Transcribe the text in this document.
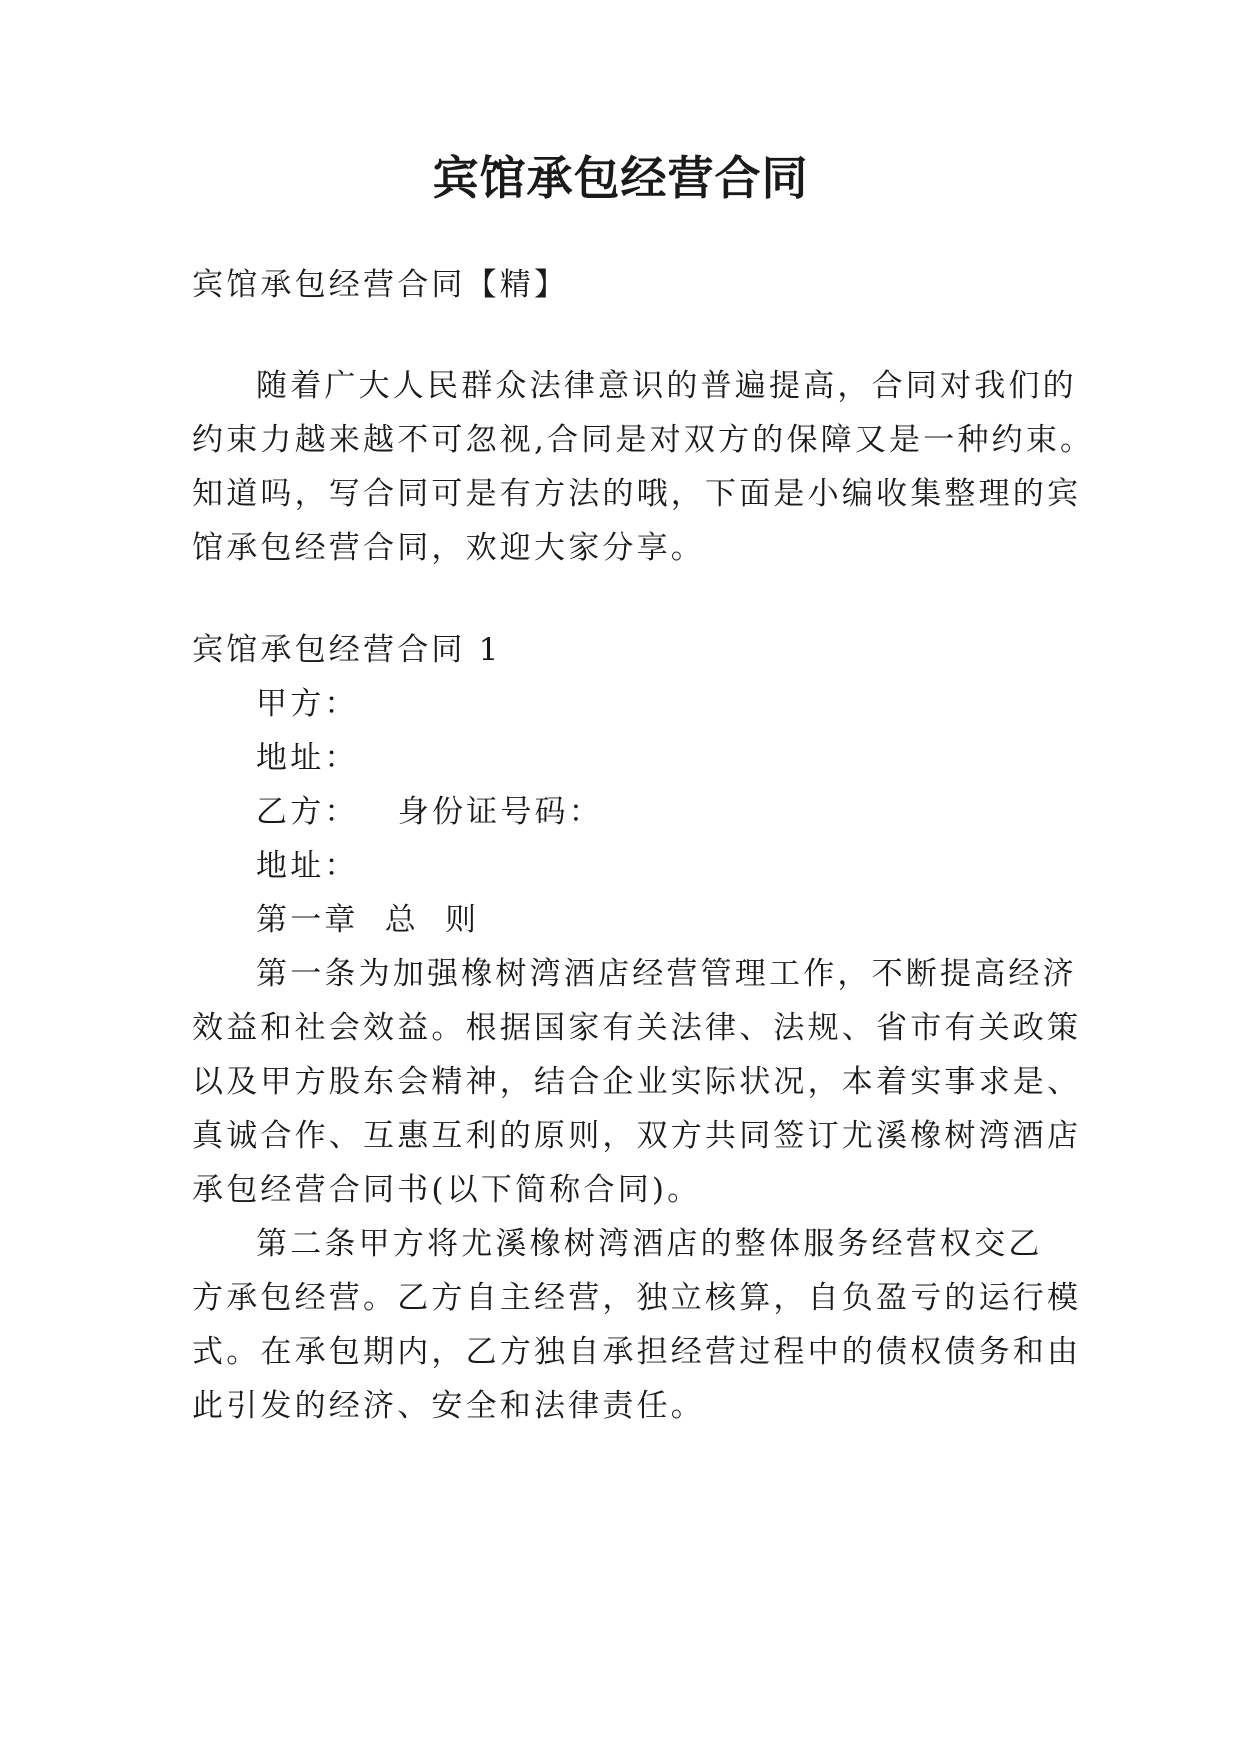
宾馆承包经营合同

宾馆承包经营合同【精】

随着广大人民群众法律意识的普遍提高，合同对我们的

约束力越来越不可忽视,合同是对双方的保障又是一种约束。

知道吗，写合同可是有方法的哦，下面是小编收集整理的宾

馆承包经营合同，欢迎大家分享。

宾馆承包经营合同 1

甲方：

地址：

乙方：   身份证号码：

地址：

第一章  总  则

第一条为加强橡树湾酒店经营管理工作，不断提高经济

效益和社会效益。根据国家有关法律、法规、省市有关政策

以及甲方股东会精神，结合企业实际状况，本着实事求是、

真诚合作、互惠互利的原则，双方共同签订尤溪橡树湾酒店

承包经营合同书(以下简称合同)。

第二条甲方将尤溪橡树湾酒店的整体服务经营权交乙

方承包经营。乙方自主经营，独立核算，自负盈亏的运行模

式。在承包期内，乙方独自承担经营过程中的债权债务和由

此引发的经济、安全和法律责任。
